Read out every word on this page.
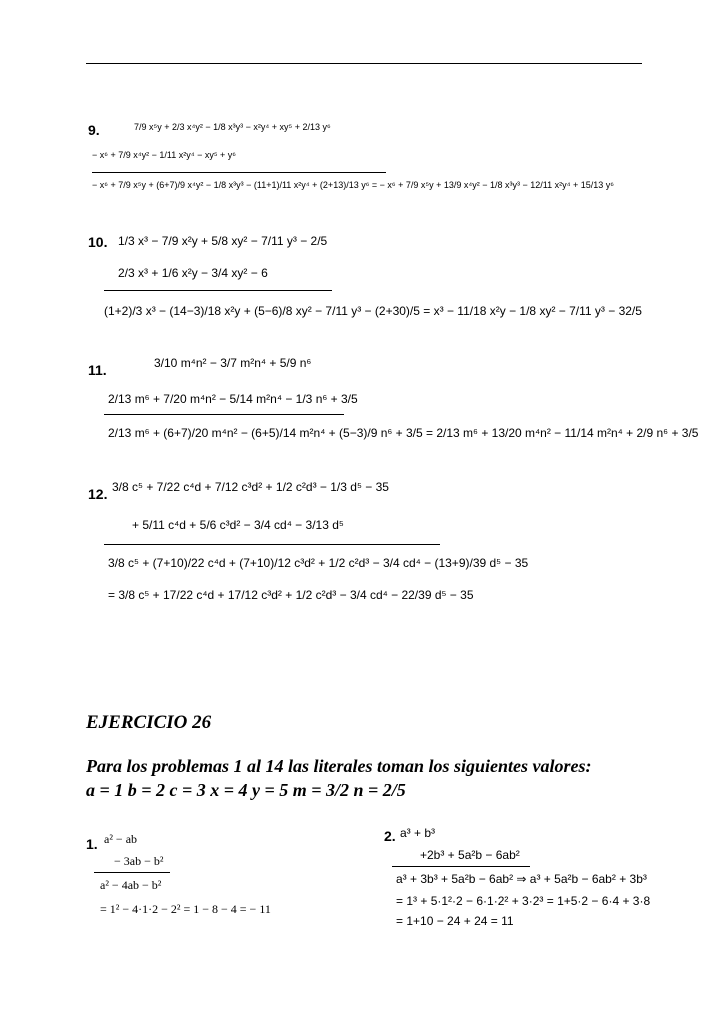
9.	7/9 x⁵y + 2/3 x⁴y² − 1/8 x³y³ − x²y⁴ + xy⁵ + 2/13 y⁶
− x⁶ + 7/9 x⁴y² − 1/11 x²y⁴ − xy⁵ + y⁶
− x⁶ + 7/9 x⁵y + (6+7)/9 x⁴y² − 1/8 x³y³ − (11+1)/11 x²y⁴ + (2+13)/13 y⁶ = − x⁶ + 7/9 x⁵y + 13/9 x⁴y² − 1/8 x³y³ − 12/11 x²y⁴ + 15/13 y⁶
10. 1/3 x³ − 7/9 x²y + 5/8 xy² − 7/11 y³ − 2/5
2/3 x³ + 1/6 x²y − 3/4 xy² − 6
(1+2)/3 x³ − (14−3)/18 x²y + (5−6)/8 xy² − 7/11 y³ − (2+30)/5 = x³ − 11/18 x²y − 1/8 xy² − 7/11 y³ − 32/5
11.	3/10 m⁴n² − 3/7 m²n⁴ + 5/9 n⁶
2/13 m⁶ + 7/20 m⁴n² − 5/14 m²n⁴ − 1/3 n⁶ + 3/5
2/13 m⁶ + (6+7)/20 m⁴n² − (6+5)/14 m²n⁴ + (5−3)/9 n⁶ + 3/5 = 2/13 m⁶ + 13/20 m⁴n² − 11/14 m²n⁴ + 2/9 n⁶ + 3/5
12. 3/8 c⁵ + 7/22 c⁴d + 7/12 c³d² + 1/2 c²d³ − 1/3 d⁵ − 35
+ 5/11 c⁴d + 5/6 c³d² − 3/4 cd⁴ − 3/13 d⁵
3/8 c⁵ + (7+10)/22 c⁴d + (7+10)/12 c³d² + 1/2 c²d³ − 3/4 cd⁴ − (13+9)/39 d⁵ − 35
= 3/8 c⁵ + 17/22 c⁴d + 17/12 c³d² + 1/2 c²d³ − 3/4 cd⁴ − 22/39 d⁵ − 35
EJERCICIO 26
Para los problemas 1 al 14 las literales toman los siguientes valores:
a = 1 b = 2 c = 3 x = 4 y = 5 m = 3/2 n = 2/5
1. a² − ab
− 3ab − b²
a² − 4ab − b²
= 1² − 4·1·2 − 2² = 1 − 8 − 4 = − 11
2. a³ + b³
+2b³ + 5a²b − 6ab²
a³ + 3b³ + 5a²b − 6ab² ⇒ a³ + 5a²b − 6ab² + 3b³
= 1³ + 5·1²·2 − 6·1·2² + 3·2³ = 1+5·2 − 6·4 + 3·8
= 1+10 − 24 + 24 = 11
